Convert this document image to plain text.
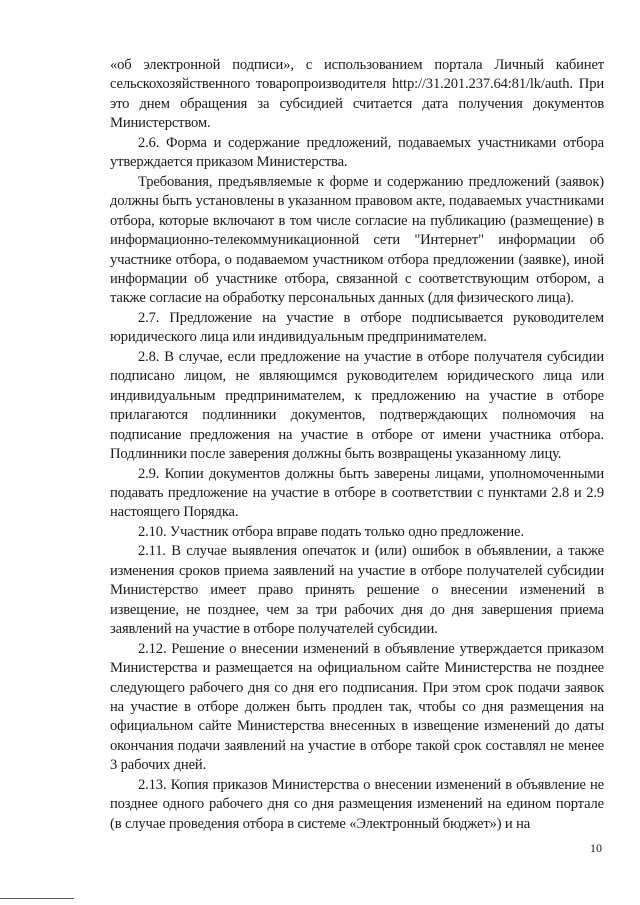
«об электронной подписи», с использованием портала Личный кабинет сельскохозяйственного товаропроизводителя http://31.201.237.64:81/lk/auth. При это днем обращения за субсидией считается дата получения документов Министерством.

2.6. Форма и содержание предложений, подаваемых участниками отбора утверждается приказом Министерства.

Требования, предъявляемые к форме и содержанию предложений (заявок) должны быть установлены в указанном правовом акте, подаваемых участниками отбора, которые включают в том числе согласие на публикацию (размещение) в информационно-телекоммуникационной сети "Интернет" информации об участнике отбора, о подаваемом участником отбора предложении (заявке), иной информации об участнике отбора, связанной с соответствующим отбором, а также согласие на обработку персональных данных (для физического лица).

2.7. Предложение на участие в отборе подписывается руководителем юридического лица или индивидуальным предпринимателем.

2.8. В случае, если предложение на участие в отборе получателя субсидии подписано лицом, не являющимся руководителем юридического лица или индивидуальным предпринимателем, к предложению на участие в отборе прилагаются подлинники документов, подтверждающих полномочия на подписание предложения на участие в отборе от имени участника отбора. Подлинники после заверения должны быть возвращены указанному лицу.

2.9. Копии документов должны быть заверены лицами, уполномоченными подавать предложение на участие в отборе в соответствии с пунктами 2.8 и 2.9 настоящего Порядка.

2.10. Участник отбора вправе подать только одно предложение.

2.11. В случае выявления опечаток и (или) ошибок в объявлении, а также изменения сроков приема заявлений на участие в отборе получателей субсидии Министерство имеет право принять решение о внесении изменений в извещение, не позднее, чем за три рабочих дня до дня завершения приема заявлений на участие в отборе получателей субсидии.

2.12. Решение о внесении изменений в объявление утверждается приказом Министерства и размещается на официальном сайте Министерства не позднее следующего рабочего дня со дня его подписания. При этом срок подачи заявок на участие в отборе должен быть продлен так, чтобы со дня размещения на официальном сайте Министерства внесенных в извещение изменений до даты окончания подачи заявлений на участие в отборе такой срок составлял не менее 3 рабочих дней.

2.13. Копия приказов Министерства о внесении изменений в объявление не позднее одного рабочего дня со дня размещения изменений на едином портале (в случае проведения отбора в системе «Электронный бюджет») и на

10
